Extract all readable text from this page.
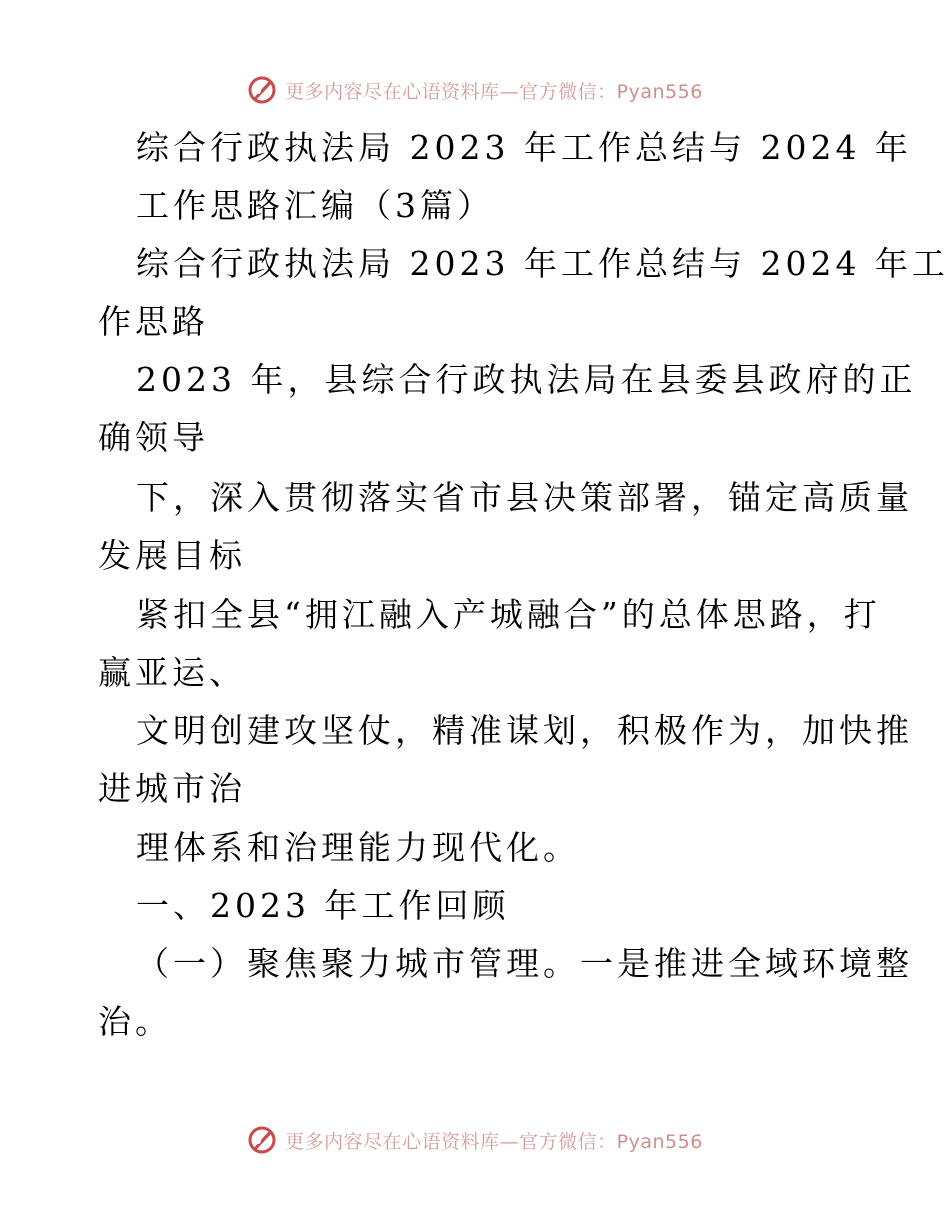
更多内容尽在心语资料库—官方微信：Pyan556
综合行政执法局 2023 年工作总结与 2024 年
工作思路汇编（3篇）
综合行政执法局 2023 年工作总结与 2024 年工
作思路
2023 年，县综合行政执法局在县委县政府的正
确领导
下，深入贯彻落实省市县决策部署，锚定高质量
发展目标
紧扣全县“拥江融入产城融合”的总体思路，打
赢亚运、
文明创建攻坚仗，精准谋划，积极作为，加快推
进城市治
理体系和治理能力现代化。
一、2023 年工作回顾
（一）聚焦聚力城市管理。一是推进全域环境整
治。
更多内容尽在心语资料库—官方微信：Pyan556
